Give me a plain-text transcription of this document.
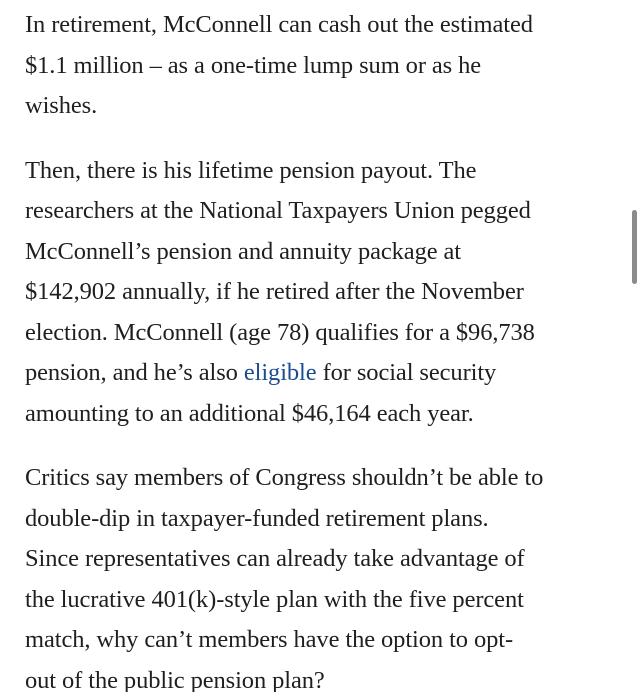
In retirement, McConnell can cash out the estimated
$1.1 million – as a one-time lump sum or as he
wishes.

Then, there is his lifetime pension payout. The
researchers at the National Taxpayers Union pegged
McConnell’s pension and annuity package at
$142,902 annually, if he retired after the November
election. McConnell (age 78) qualifies for a $96,738
pension, and he’s also eligible for social security
amounting to an additional $46,164 each year.

Critics say members of Congress shouldn’t be able to
double-dip in taxpayer-funded retirement plans.
Since representatives can already take advantage of
the lucrative 401(k)-style plan with the five percent
match, why can’t members have the option to opt-
out of the public pension plan?
